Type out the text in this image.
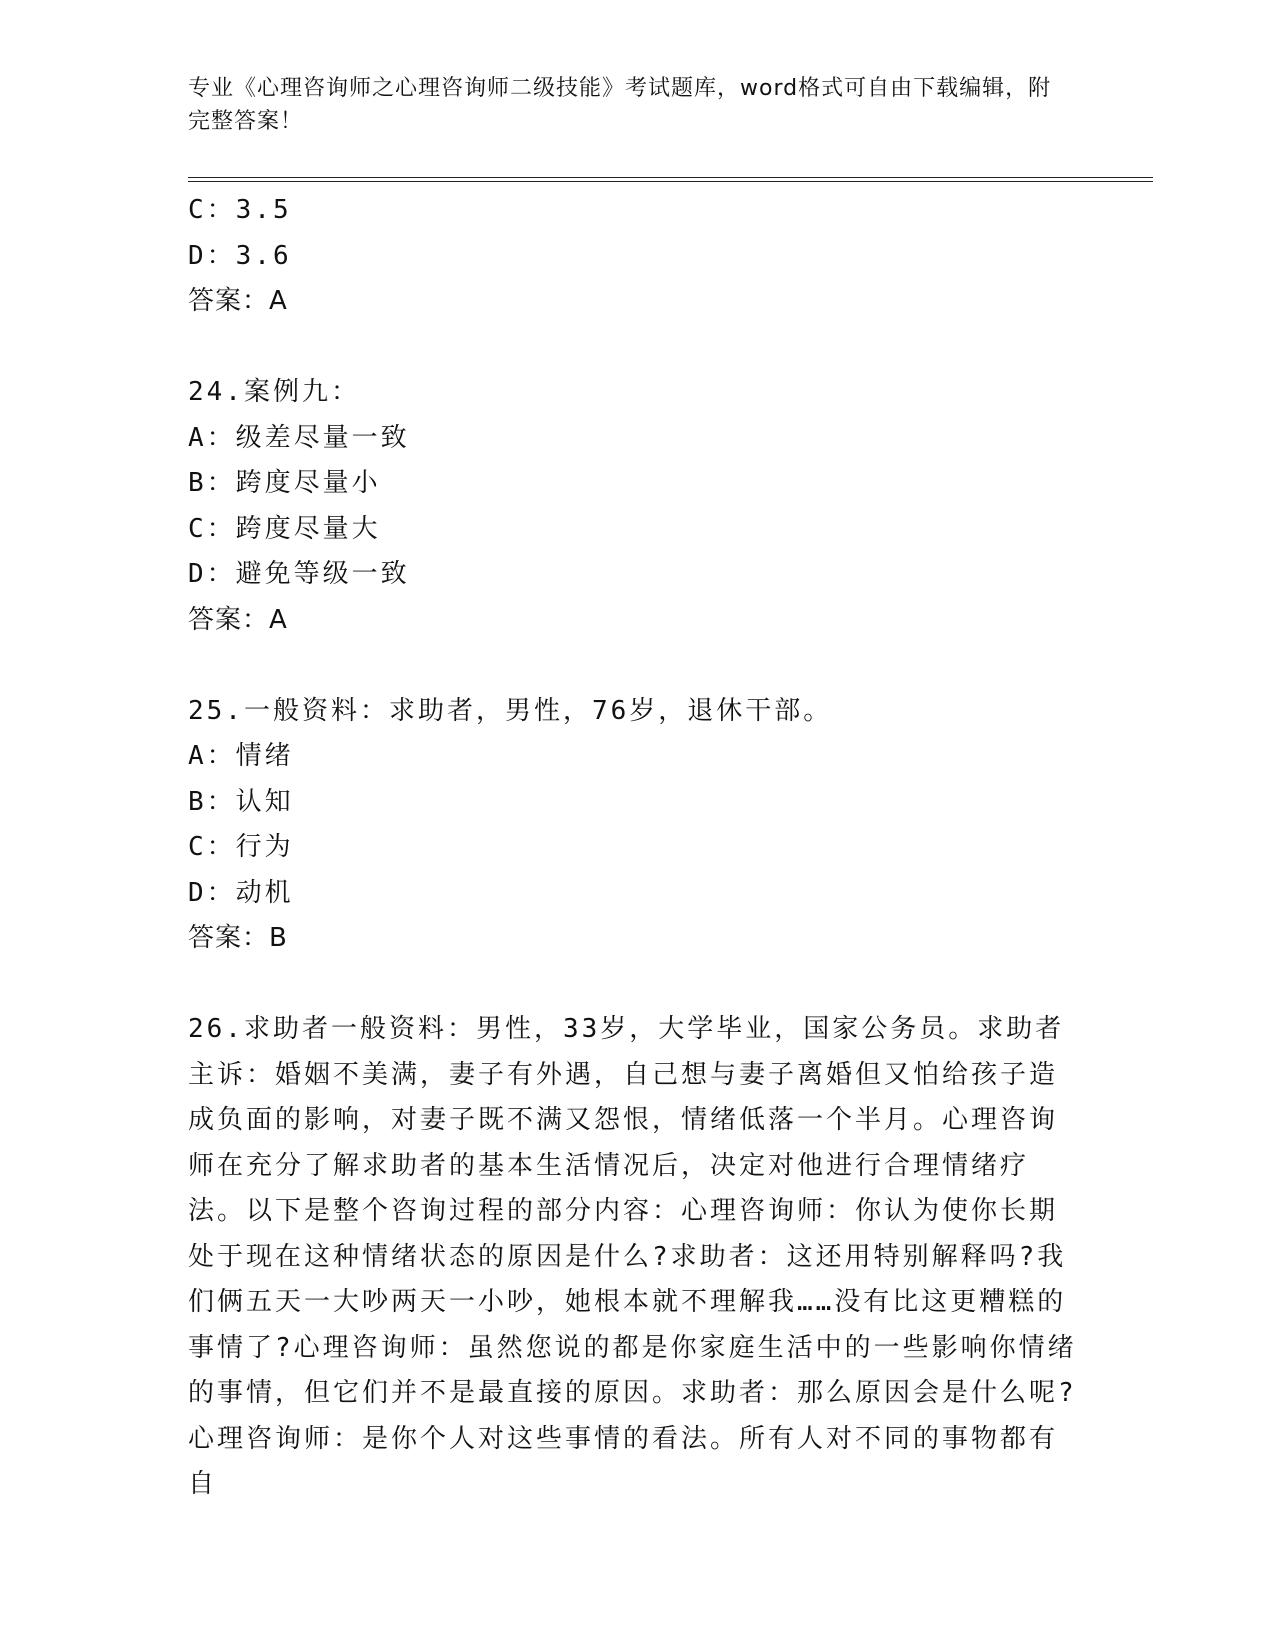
专业《心理咨询师之心理咨询师二级技能》考试题库，word格式可自由下载编辑，附完整答案！
C：3.5
D：3.6
答案：A
24.案例九：
A：级差尽量一致
B：跨度尽量小
C：跨度尽量大
D：避免等级一致
答案：A
25.一般资料：求助者，男性，76岁，退休干部。
A：情绪
B：认知
C：行为
D：动机
答案：B
26.求助者一般资料：男性，33岁，大学毕业，国家公务员。求助者主诉：婚姻不美满，妻子有外遇，自己想与妻子离婚但又怕给孩子造成负面的影响，对妻子既不满又怨恨，情绪低落一个半月。心理咨询师在充分了解求助者的基本生活情况后，决定对他进行合理情绪疗法。以下是整个咨询过程的部分内容：心理咨询师：你认为使你长期处于现在这种情绪状态的原因是什么?求助者：这还用特别解释吗?我们俩五天一大吵两天一小吵，她根本就不理解我……没有比这更糟糕的事情了?心理咨询师：虽然您说的都是你家庭生活中的一些影响你情绪的事情，但它们并不是最直接的原因。求助者：那么原因会是什么呢?心理咨询师：是你个人对这些事情的看法。所有人对不同的事物都有自
